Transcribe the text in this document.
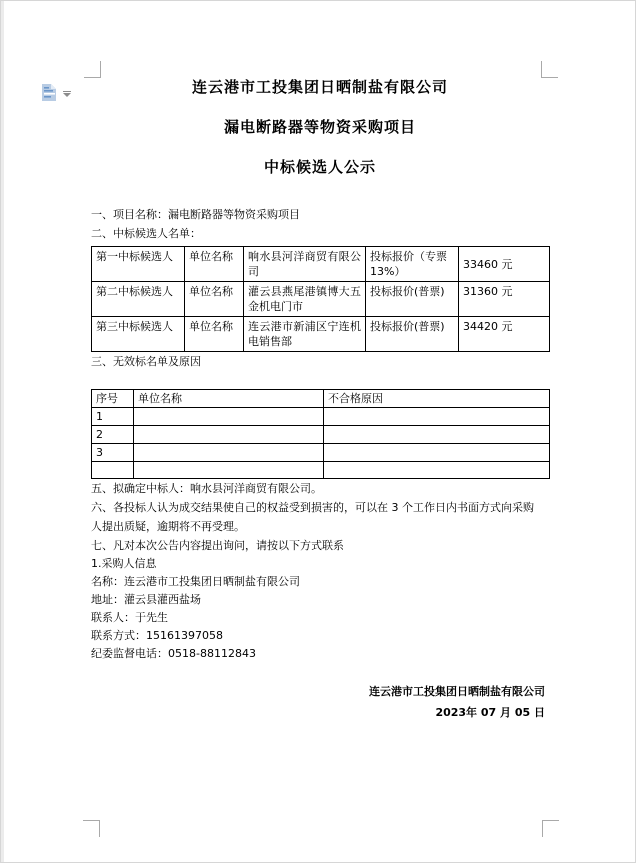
连云港市工投集团日晒制盐有限公司

漏电断路器等物资采购项目

中标候选人公示

一、项目名称：漏电断路器等物资采购项目

二、中标候选人名单：

第一中标候选人	单位名称	响水县河洋商贸有限公司	投标报价（专票13%）	33460 元
第二中标候选人	单位名称	灌云县燕尾港镇博大五金机电门市	投标报价(普票)	31360 元
第三中标候选人	单位名称	连云港市新浦区宁连机电销售部	投标报价(普票)	34420 元

三、无效标名单及原因

序号	单位名称	不合格原因
1		
2		
3		

五、拟确定中标人：响水县河洋商贸有限公司。

六、各投标人认为成交结果使自己的权益受到损害的，可以在 3 个工作日内书面方式向采购

人提出质疑，逾期将不再受理。

七、凡对本次公告内容提出询问，请按以下方式联系

1.采购人信息

名称：连云港市工投集团日晒制盐有限公司

地址：灌云县灌西盐场

联系人：于先生

联系方式：15161397058

纪委监督电话：0518-88112843

连云港市工投集团日晒制盐有限公司

2023年 07 月 05 日
